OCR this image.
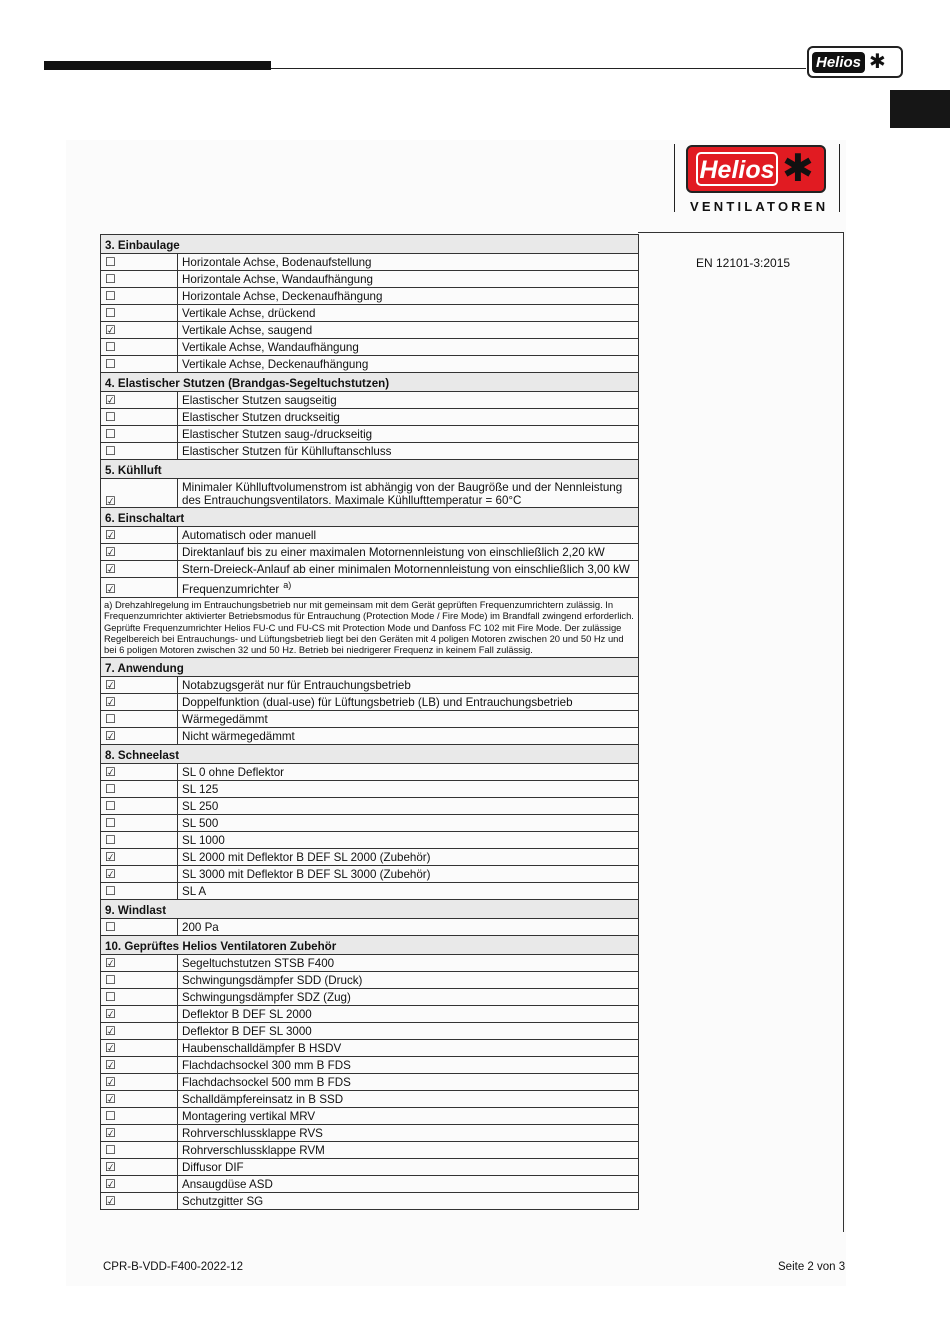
Helios ✱
Helios ✱
VENTILATOREN
EN 12101-3:2015
3. Einbaulage	
☐	Horizontale Achse, Bodenaufstellung
☐	Horizontale Achse, Wandaufhängung
☐	Horizontale Achse, Deckenaufhängung
☐	Vertikale Achse, drückend
☑	Vertikale Achse, saugend
☐	Vertikale Achse, Wandaufhängung
☐	Vertikale Achse, Deckenaufhängung
4. Elastischer Stutzen (Brandgas-Segeltuchstutzen)	
☑	Elastischer Stutzen saugseitig
☐	Elastischer Stutzen druckseitig
☐	Elastischer Stutzen saug-/druckseitig
☐	Elastischer Stutzen für Kühlluftanschluss
5. Kühlluft	
☑	Minimaler Kühlluftvolumenstrom ist abhängig von der Baugröße und der Nennleistung des Entrauchungsventilators. Maximale Kühllufttemperatur = 60°C
6. Einschaltart	
☑	Automatisch oder manuell
☑	Direktanlauf bis zu einer maximalen Motornennleistung von einschließlich 2,20 kW
☑	Stern-Dreieck-Anlauf ab einer minimalen Motornennleistung von einschließlich 3,00 kW
☑	Frequenzumrichter $^{a)}$
a) Drehzahlregelung im Entrauchungsbetrieb nur mit gemeinsam mit dem Gerät geprüften Frequenzumrichtern zulässig. In Frequenzumrichter aktivierter Betriebsmodus für Entrauchung (Protection Mode / Fire Mode) im Brandfall zwingend erforderlich. Geprüfte Frequenzumrichter Helios FU-C und FU-CS mit Protection Mode und Danfoss FC 102 mit Fire Mode. Der zulässige Regelbereich bei Entrauchungs- und Lüftungsbetrieb liegt bei den Geräten mit 4 poligen Motoren zwischen 20 und 50 Hz und bei 6 poligen Motoren zwischen 32 und 50 Hz. Betrieb bei niedrigerer Frequenz in keinem Fall zulässig.	
7. Anwendung	
☑	Notabzugsgerät nur für Entrauchungsbetrieb
☑	Doppelfunktion (dual-use) für Lüftungsbetrieb (LB) und Entrauchungsbetrieb
☐	Wärmegedämmt
☑	Nicht wärmegedämmt
8. Schneelast	
☑	SL 0 ohne Deflektor
☐	SL 125
☐	SL 250
☐	SL 500
☐	SL 1000
☑	SL 2000 mit Deflektor B DEF SL 2000 (Zubehör)
☑	SL 3000 mit Deflektor B DEF SL 3000 (Zubehör)
☐	SL A
9. Windlast	
☐	200 Pa
10. Geprüftes Helios Ventilatoren Zubehör	
☑	Segeltuchstutzen STSB F400
☐	Schwingungsdämpfer SDD (Druck)
☐	Schwingungsdämpfer SDZ (Zug)
☑	Deflektor B DEF SL 2000
☑	Deflektor B DEF SL 3000
☑	Haubenschalldämpfer B HSDV
☑	Flachdachsockel 300 mm B FDS
☑	Flachdachsockel 500 mm B FDS
☑	Schalldämpfereinsatz in B SSD
☐	Montagering vertikal MRV
☑	Rohrverschlussklappe RVS
☐	Rohrverschlussklappe RVM
☑	Diffusor DIF
☑	Ansaugdüse ASD
☑	Schutzgitter SG
CPR-B-VDD-F400-2022-12	Seite 2 von 3
